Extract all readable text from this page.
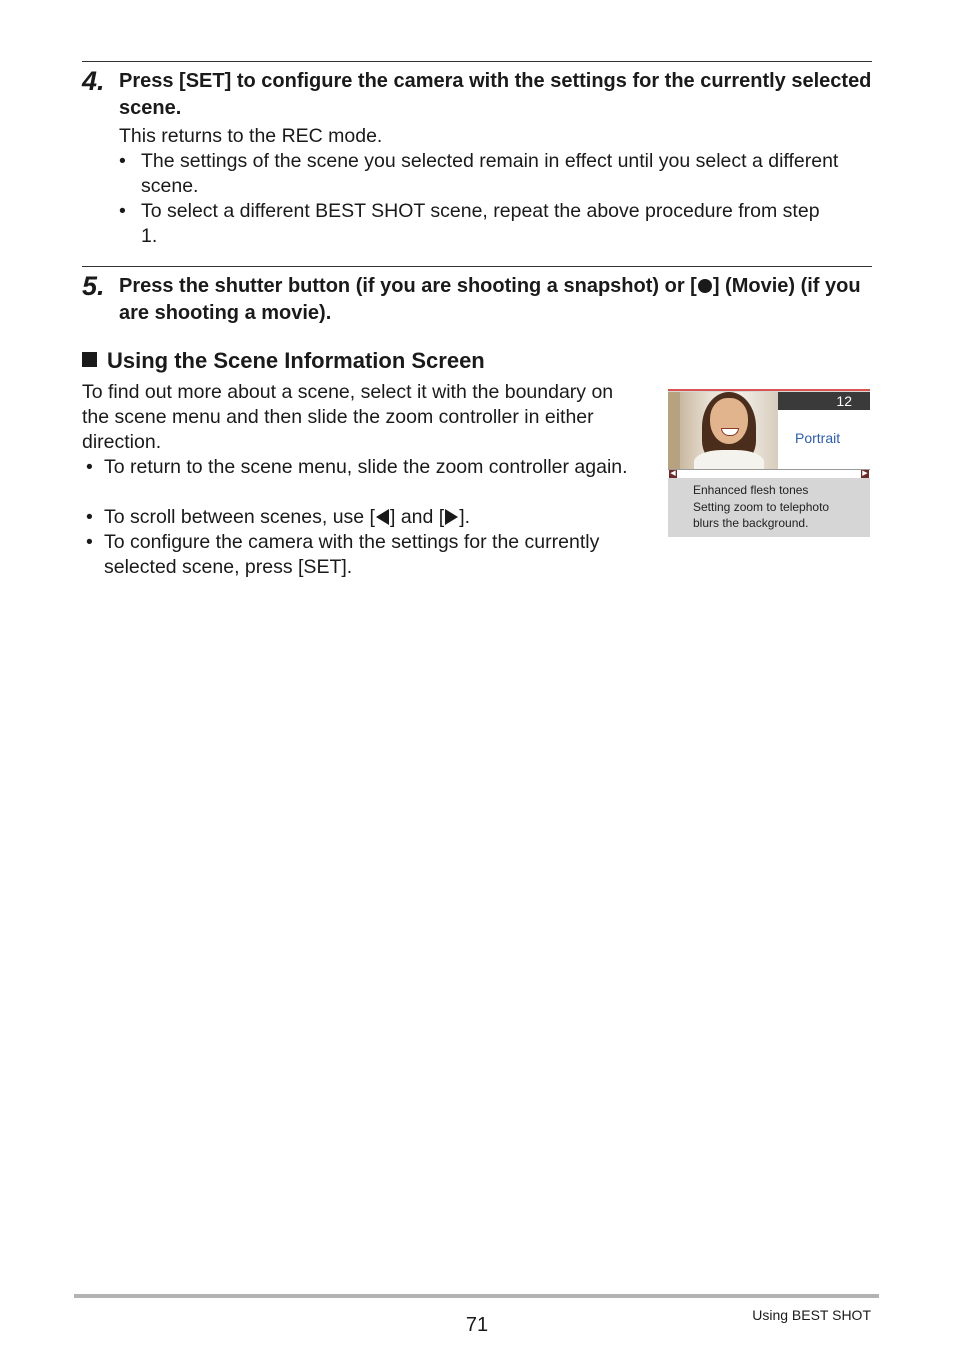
4. Press [SET] to configure the camera with the settings for the currently selected scene.
This returns to the REC mode.
• The settings of the scene you selected remain in effect until you select a different scene.
• To select a different BEST SHOT scene, repeat the above procedure from step 1.
5. Press the shutter button (if you are shooting a snapshot) or [ ] (Movie) (if you are shooting a movie).
Using the Scene Information Screen
To find out more about a scene, select it with the boundary on the scene menu and then slide the zoom controller in either direction.
• To return to the scene menu, slide the zoom controller again.
• To scroll between scenes, use [ ] and [ ].
• To configure the camera with the settings for the currently selected scene, press [SET].
12
Portrait
◀	▶
Enhanced flesh tones
Setting zoom to telephoto
blurs the background.
71	Using BEST SHOT
